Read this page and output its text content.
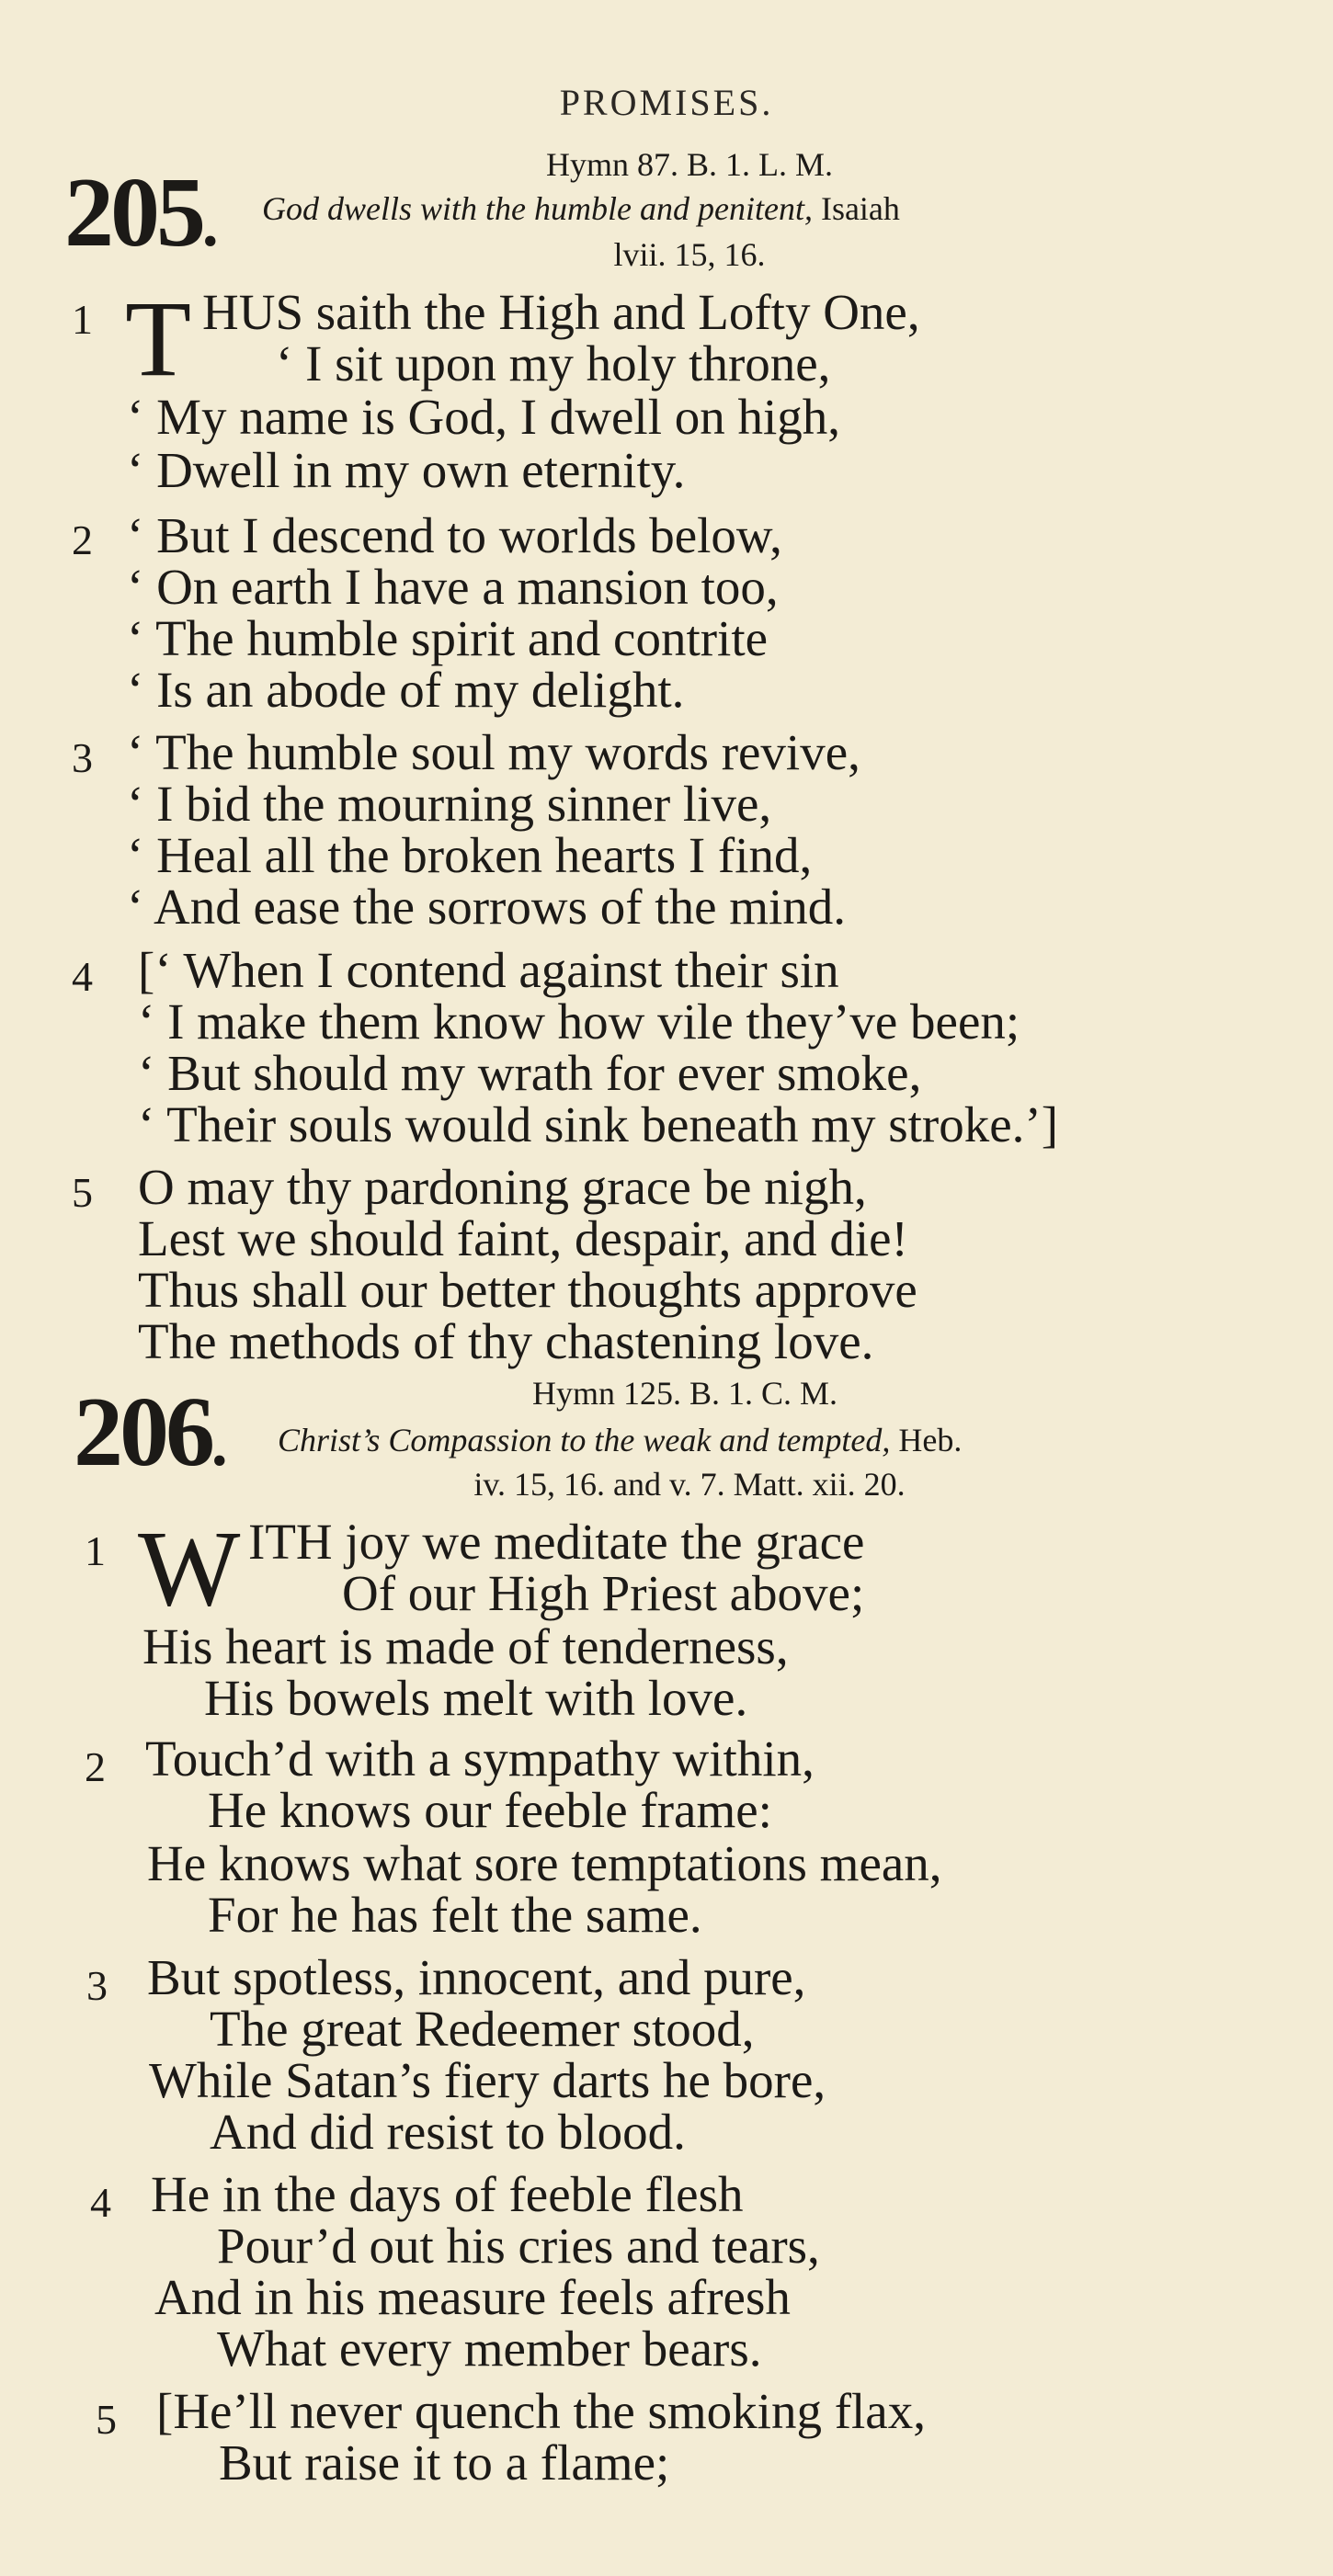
PROMISES.
205.
Hymn 87. B. 1. L. M.
God dwells with the humble and penitent, Isaiah
lvii. 15, 16.
1 T HUS saith the High and Lofty One,
‘ I sit upon my holy throne,
‘ My name is God, I dwell on high,
‘ Dwell in my own eternity.
2 ‘ But I descend to worlds below,
‘ On earth I have a mansion too,
‘ The humble spirit and contrite
‘ Is an abode of my delight.
3 ‘ The humble soul my words revive,
‘ I bid the mourning sinner live,
‘ Heal all the broken hearts I find,
‘ And ease the sorrows of the mind.
4 [‘ When I contend against their sin
‘ I make them know how vile they’ve been;
‘ But should my wrath for ever smoke,
‘ Their souls would sink beneath my stroke.’]
5 O may thy pardoning grace be nigh,
Lest we should faint, despair, and die!
Thus shall our better thoughts approve
The methods of thy chastening love.
206.
Hymn 125. B. 1. C. M.
Christ’s Compassion to the weak and tempted, Heb.
iv. 15, 16. and v. 7. Matt. xii. 20.
1 W ITH joy we meditate the grace
Of our High Priest above;
His heart is made of tenderness,
His bowels melt with love.
2 Touch’d with a sympathy within,
He knows our feeble frame:
He knows what sore temptations mean,
For he has felt the same.
3 But spotless, innocent, and pure,
The great Redeemer stood,
While Satan’s fiery darts he bore,
And did resist to blood.
4 He in the days of feeble flesh
Pour’d out his cries and tears,
And in his measure feels afresh
What every member bears.
5 [He’ll never quench the smoking flax,
But raise it to a flame;
